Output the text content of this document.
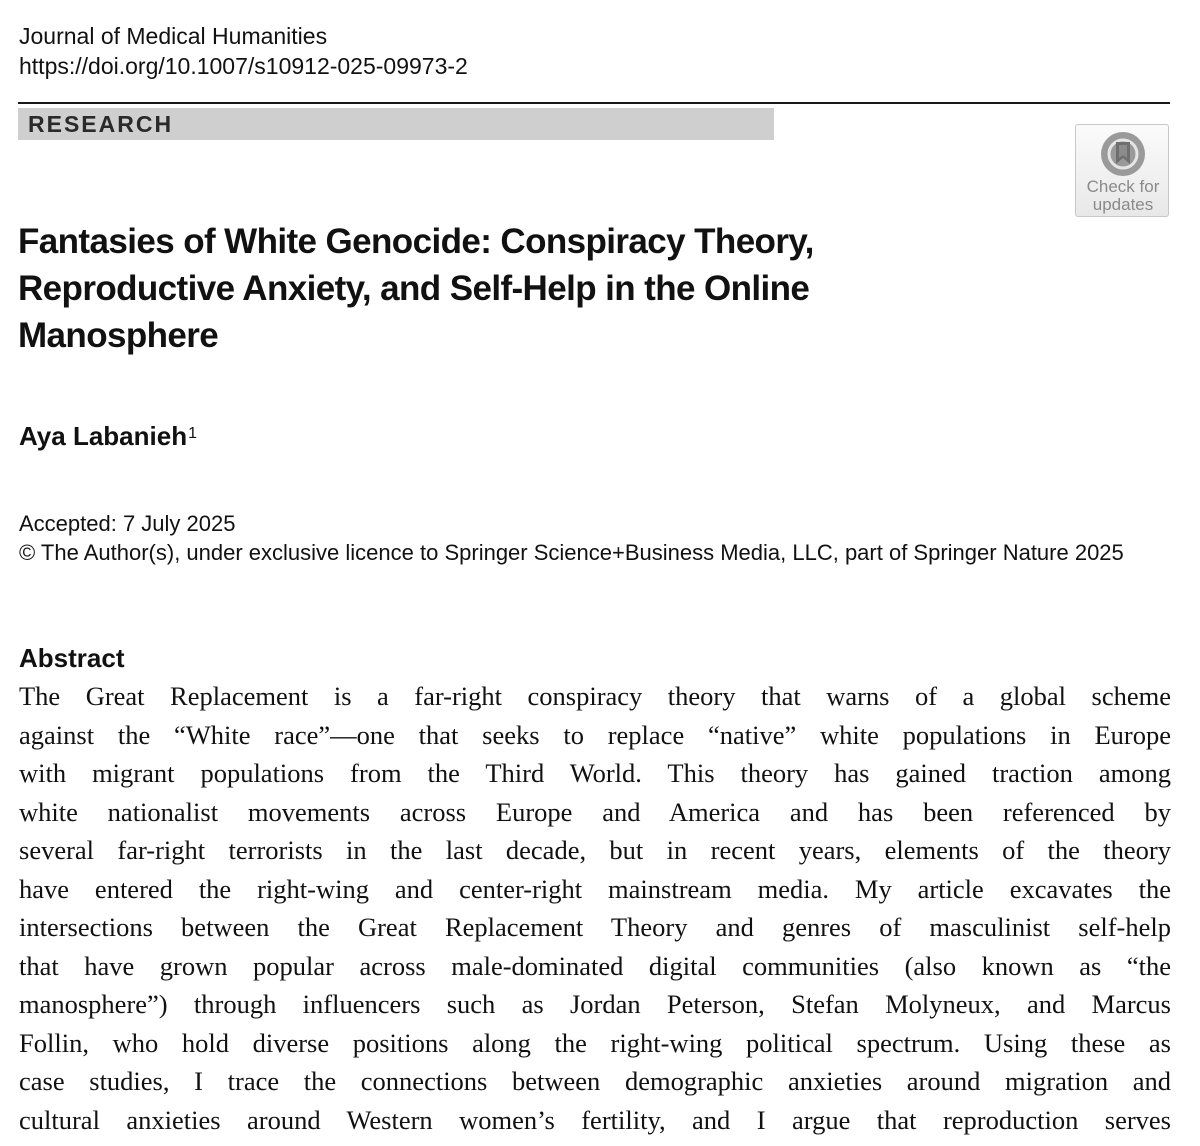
Journal of Medical Humanities
https://doi.org/10.1007/s10912-025-09973-2
RESEARCH
Check for
updates
Fantasies of White Genocide: Conspiracy Theory, Reproductive Anxiety, and Self-Help in the Online Manosphere
Aya Labanieh$^1$
Accepted: 7 July 2025
© The Author(s), under exclusive licence to Springer Science+Business Media, LLC, part of Springer Nature 2025
Abstract
The Great Replacement is a far-right conspiracy theory that warns of a global scheme
against the “White race”—one that seeks to replace “native” white populations in Europe
with migrant populations from the Third World. This theory has gained traction among
white nationalist movements across Europe and America and has been referenced by
several far-right terrorists in the last decade, but in recent years, elements of the theory
have entered the right-wing and center-right mainstream media. My article excavates the
intersections between the Great Replacement Theory and genres of masculinist self-help
that have grown popular across male-dominated digital communities (also known as “the
manosphere”) through influencers such as Jordan Peterson, Stefan Molyneux, and Marcus
Follin, who hold diverse positions along the right-wing political spectrum. Using these as
case studies, I trace the connections between demographic anxieties around migration and
cultural anxieties around Western women’s fertility, and I argue that reproduction serves
